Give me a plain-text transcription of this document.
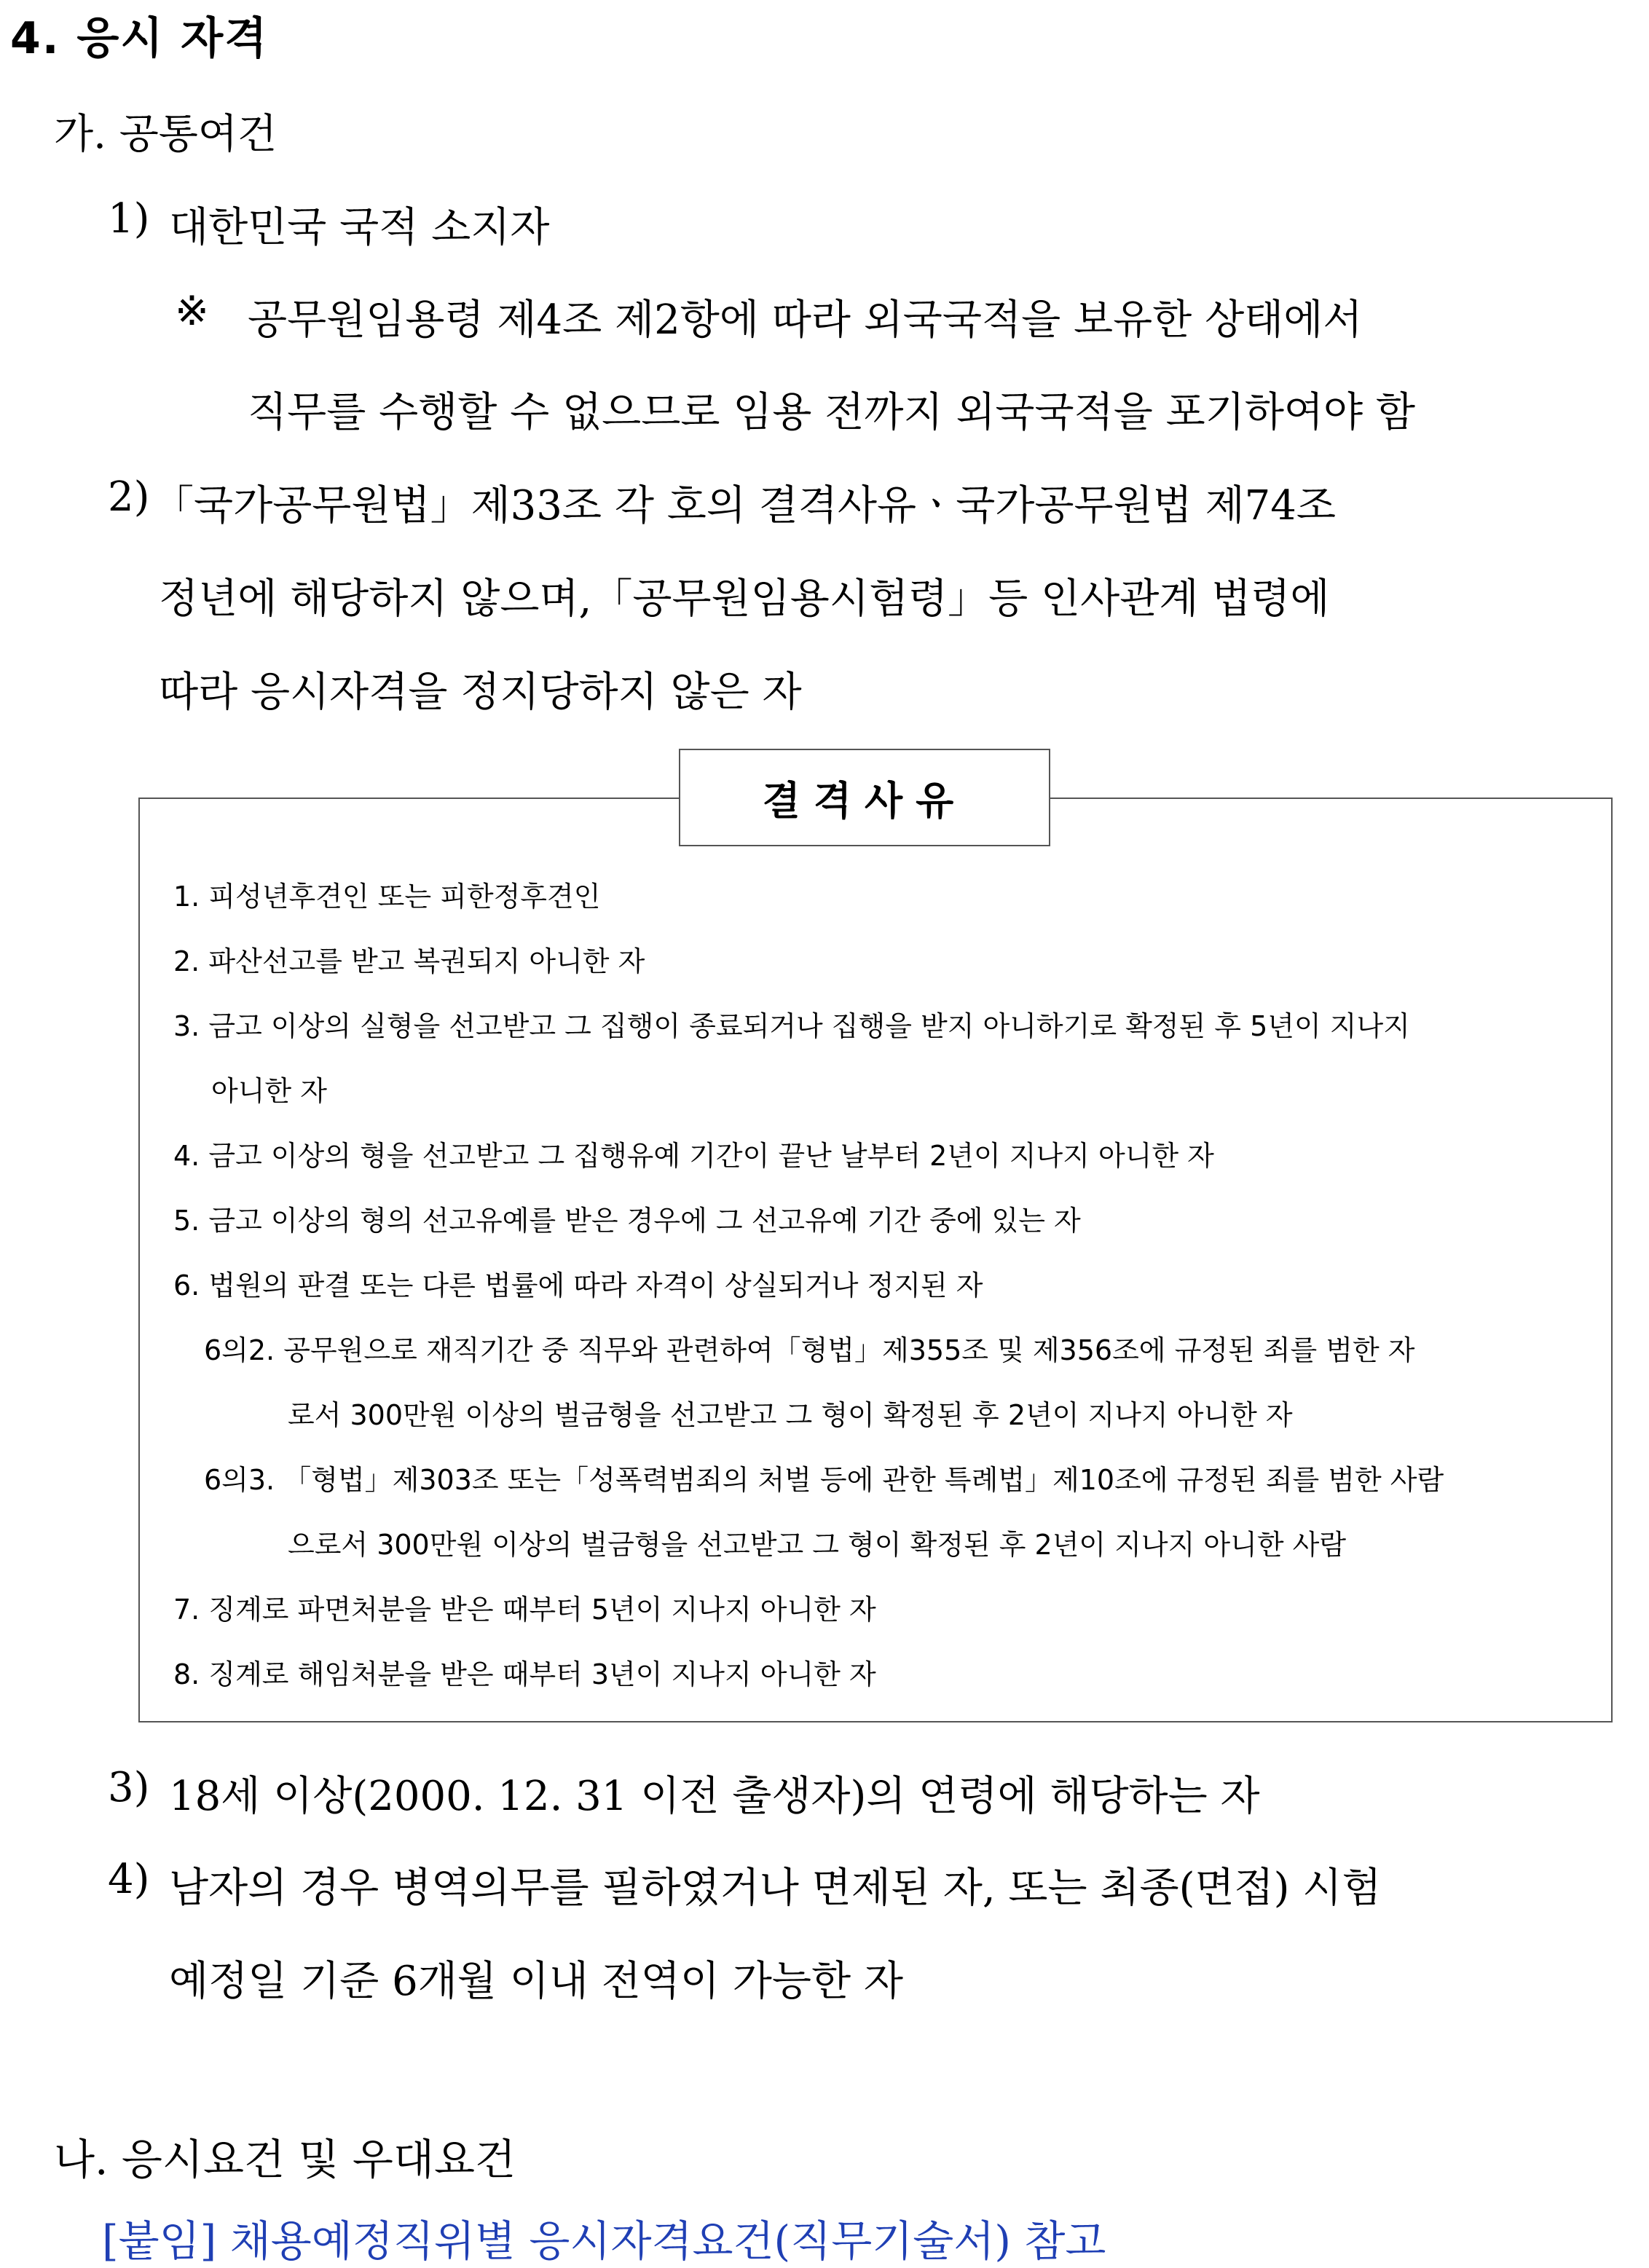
4. 응시 자격
가. 공통여건
1) 대한민국 국적 소지자
※ 공무원임용령 제4조 제2항에 따라 외국국적을 보유한 상태에서
직무를 수행할 수 없으므로 임용 전까지 외국국적을 포기하여야 함
2) 「국가공무원법」제33조 각 호의 결격사유ㆍ국가공무원법 제74조
정년에 해당하지 않으며,「공무원임용시험령」등 인사관계 법령에
따라 응시자격을 정지당하지 않은 자
결격사유
1. 피성년후견인 또는 피한정후견인
2. 파산선고를 받고 복권되지 아니한 자
3. 금고 이상의 실형을 선고받고 그 집행이 종료되거나 집행을 받지 아니하기로 확정된 후 5년이 지나지
아니한 자
4. 금고 이상의 형을 선고받고 그 집행유예 기간이 끝난 날부터 2년이 지나지 아니한 자
5. 금고 이상의 형의 선고유예를 받은 경우에 그 선고유예 기간 중에 있는 자
6. 법원의 판결 또는 다른 법률에 따라 자격이 상실되거나 정지된 자
6의2. 공무원으로 재직기간 중 직무와 관련하여「형법」제355조 및 제356조에 규정된 죄를 범한 자
로서 300만원 이상의 벌금형을 선고받고 그 형이 확정된 후 2년이 지나지 아니한 자
6의3. 「형법」제303조 또는「성폭력범죄의 처벌 등에 관한 특례법」제10조에 규정된 죄를 범한 사람
으로서 300만원 이상의 벌금형을 선고받고 그 형이 확정된 후 2년이 지나지 아니한 사람
7. 징계로 파면처분을 받은 때부터 5년이 지나지 아니한 자
8. 징계로 해임처분을 받은 때부터 3년이 지나지 아니한 자
3) 18세 이상(2000. 12. 31 이전 출생자)의 연령에 해당하는 자
4) 남자의 경우 병역의무를 필하였거나 면제된 자, 또는 최종(면접) 시험
예정일 기준 6개월 이내 전역이 가능한 자
나. 응시요건 및 우대요건
[붙임] 채용예정직위별 응시자격요건(직무기술서) 참고
